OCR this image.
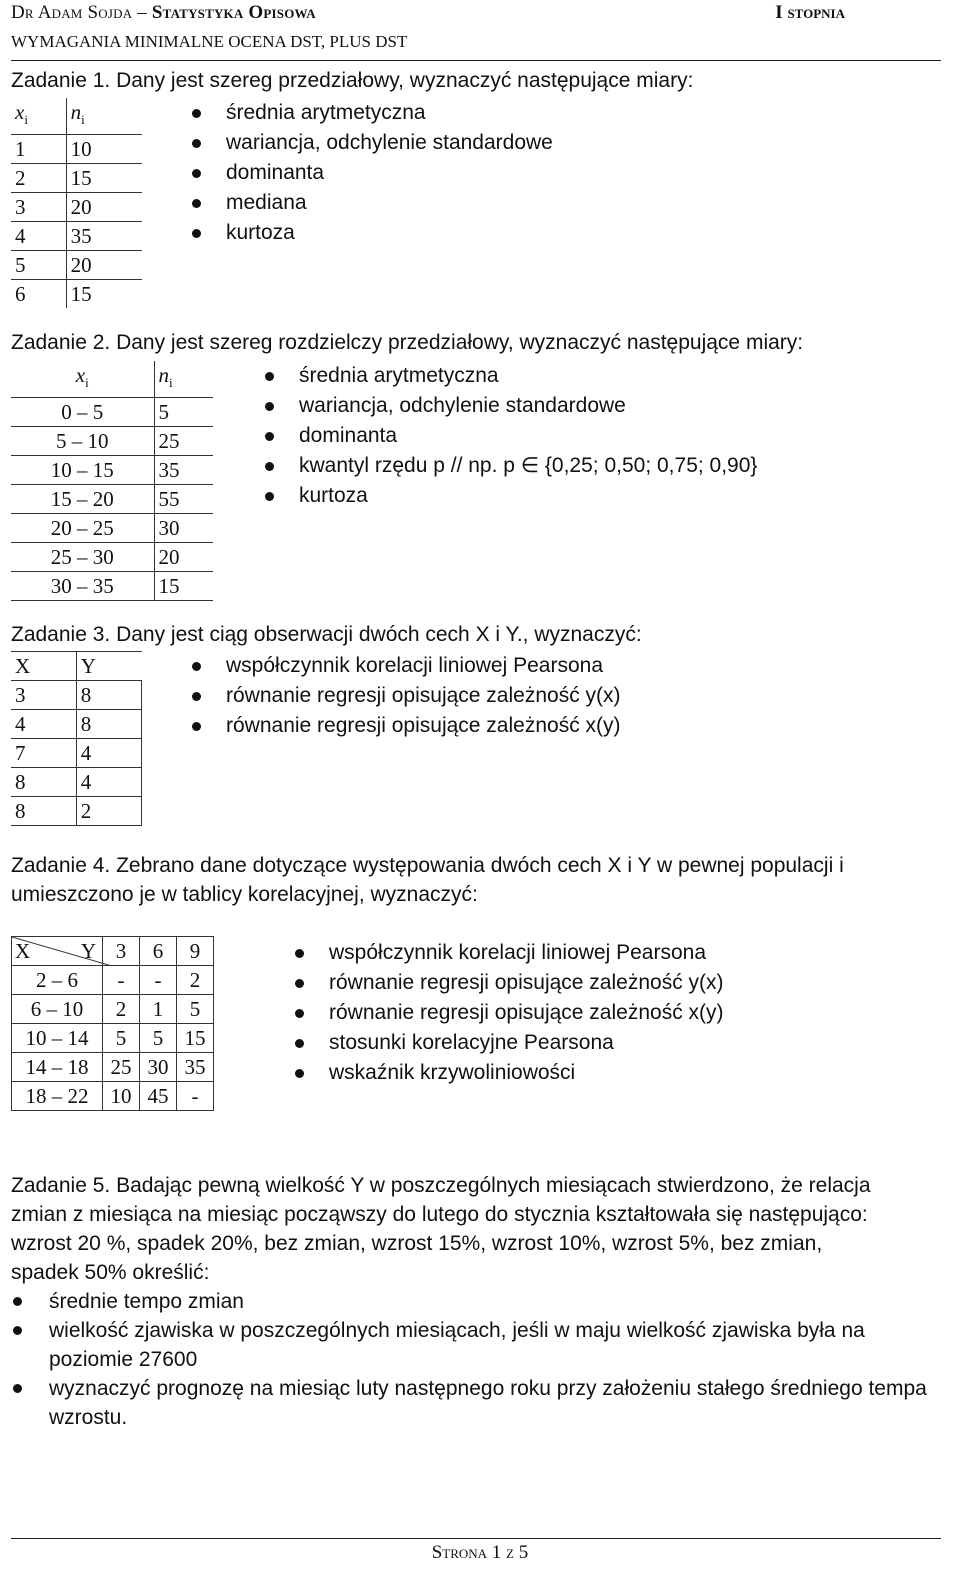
Dr Adam Sojda – Statystyka Opisowa	I stopnia
WYMAGANIA MINIMALNE OCENA DST, PLUS DST
Zadanie 1. Dany jest szereg przedziałowy, wyznaczyć następujące miary:
$x_i$	$n_i$
1	10
2	15
3	20
4	35
5	20
6	15
średnia arytmetyczna
wariancja, odchylenie standardowe
dominanta
mediana
kurtoza
Zadanie 2. Dany jest szereg rozdzielczy przedziałowy, wyznaczyć następujące miary:
$x_i$	$n_i$
0 – 5	5
5 – 10	25
10 – 15	35
15 – 20	55
20 – 25	30
25 – 30	20
30 – 35	15
średnia arytmetyczna
wariancja, odchylenie standardowe
dominanta
kwantyl rzędu p // np. p ∈ {0,25; 0,50; 0,75; 0,90}
kurtoza
Zadanie 3. Dany jest ciąg obserwacji dwóch cech X i Y., wyznaczyć:
X	Y
3	8
4	8
7	4
8	4
8	2
współczynnik korelacji liniowej Pearsona
równanie regresji opisujące zależność y(x)
równanie regresji opisujące zależność x(y)
Zadanie 4. Zebrano dane dotyczące występowania dwóch cech X i Y w pewnej populacji i
umieszczono je w tablicy korelacyjnej, wyznaczyć:
X Y	3	6	9
2 – 6	-	-	2
6 – 10	2	1	5
10 – 14	5	5	15
14 – 18	25	30	35
18 – 22	10	45	-
współczynnik korelacji liniowej Pearsona
równanie regresji opisujące zależność y(x)
równanie regresji opisujące zależność x(y)
stosunki korelacyjne Pearsona
wskaźnik krzywoliniowości
Zadanie 5. Badając pewną wielkość Y w poszczególnych miesiącach stwierdzono, że relacja
zmian z miesiąca na miesiąc począwszy do lutego do stycznia kształtowała się następująco:
wzrost 20 %, spadek 20%, bez zmian, wzrost 15%, wzrost 10%, wzrost 5%, bez zmian,
spadek 50% określić:
średnie tempo zmian
wielkość zjawiska w poszczególnych miesiącach, jeśli w maju wielkość zjawiska była na poziomie 27600
wyznaczyć prognozę na miesiąc luty następnego roku przy założeniu stałego średniego tempa wzrostu.
Strona 1 z 5
